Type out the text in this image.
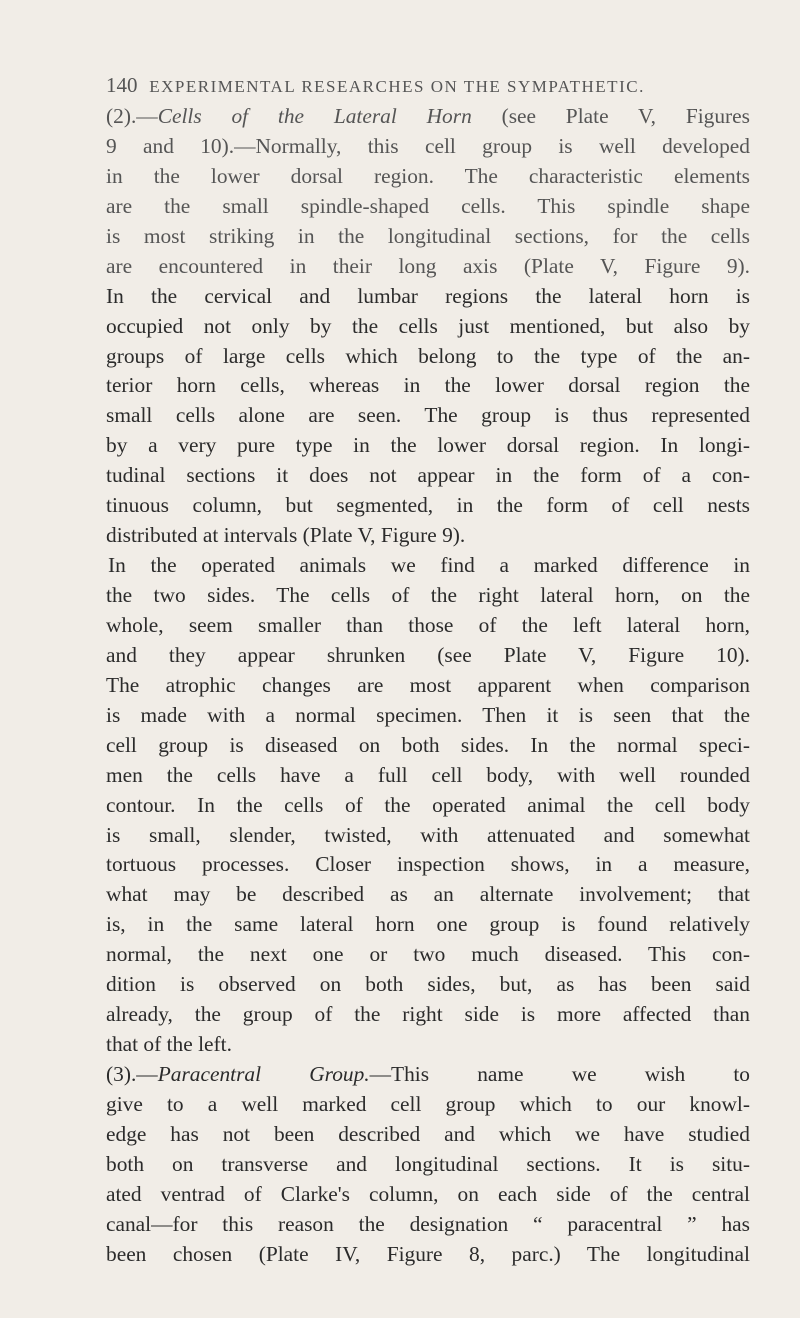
140 EXPERIMENTAL RESEARCHES ON THE SYMPATHETIC.
(2).—Cells of the Lateral Horn (see Plate V, Figures
9 and 10).—Normally, this cell group is well developed
in the lower dorsal region. The characteristic elements
are the small spindle-shaped cells. This spindle shape
is most striking in the longitudinal sections, for the cells
are encountered in their long axis (Plate V, Figure 9).
In the cervical and lumbar regions the lateral horn is
occupied not only by the cells just mentioned, but also by
groups of large cells which belong to the type of the an-
terior horn cells, whereas in the lower dorsal region the
small cells alone are seen. The group is thus represented
by a very pure type in the lower dorsal region. In longi-
tudinal sections it does not appear in the form of a con-
tinuous column, but segmented, in the form of cell nests
distributed at intervals (Plate V, Figure 9).
In the operated animals we find a marked difference in
the two sides. The cells of the right lateral horn, on the
whole, seem smaller than those of the left lateral horn,
and they appear shrunken (see Plate V, Figure 10).
The atrophic changes are most apparent when comparison
is made with a normal specimen. Then it is seen that the
cell group is diseased on both sides. In the normal speci-
men the cells have a full cell body, with well rounded
contour. In the cells of the operated animal the cell body
is small, slender, twisted, with attenuated and somewhat
tortuous processes. Closer inspection shows, in a measure,
what may be described as an alternate involvement; that
is, in the same lateral horn one group is found relatively
normal, the next one or two much diseased. This con-
dition is observed on both sides, but, as has been said
already, the group of the right side is more affected than
that of the left.
(3).—Paracentral Group.—This name we wish to
give to a well marked cell group which to our knowl-
edge has not been described and which we have studied
both on transverse and longitudinal sections. It is situ-
ated ventrad of Clarke's column, on each side of the central
canal—for this reason the designation “ paracentral ” has
been chosen (Plate IV, Figure 8, parc.) The longitudinal
